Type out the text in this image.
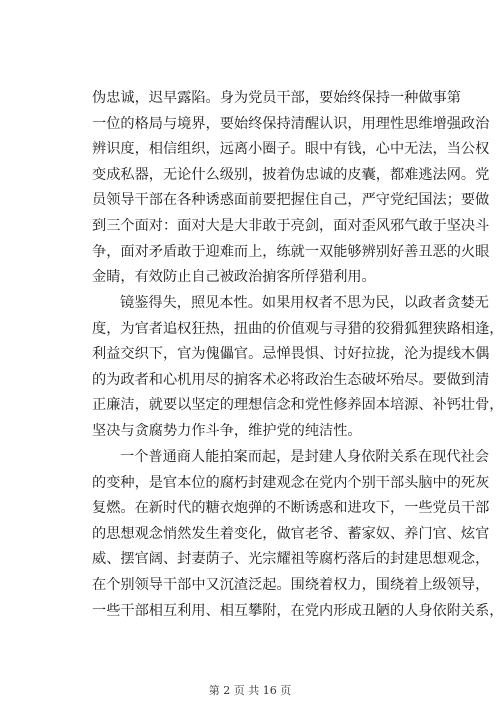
伪忠诚，迟早露陷。身为党员干部，要始终保持一种做事第
一位的格局与境界，要始终保持清醒认识，用理性思维增强政治
辨识度，相信组织，远离小圈子。眼中有钱，心中无法，当公权
变成私器，无论什么级别，披着伪忠诚的皮囊，都难逃法网。党
员领导干部在各种诱惑面前要把握住自己，严守党纪国法；要做
到三个面对：面对大是大非敢于亮剑，面对歪风邪气敢于坚决斗
争，面对矛盾敢于迎难而上，练就一双能够辨别好善丑恶的火眼
金睛，有效防止自己被政治掮客所俘猎利用。
镜鉴得失，照见本性。如果用权者不思为民，以政者贪婪无
度，为官者追权狂热，扭曲的价值观与寻猎的狡猾狐狸狭路相逢，
利益交织下，官为傀儡官。忌惮畏惧、讨好拉拢，沦为提线木偶
的为政者和心机用尽的掮客术必将政治生态破坏殆尽。要做到清
正廉洁，就要以坚定的理想信念和党性修养固本培源、补钙壮骨，
坚决与贪腐势力作斗争，维护党的纯洁性。
一个普通商人能拍案而起，是封建人身依附关系在现代社会
的变种，是官本位的腐朽封建观念在党内个别干部头脑中的死灰
复燃。在新时代的糖衣炮弹的不断诱惑和进攻下，一些党员干部
的思想观念悄然发生着变化，做官老爷、蓄家奴、养门官、炫官
威、摆官阔、封妻荫子、光宗耀祖等腐朽落后的封建思想观念，
在个别领导干部中又沉渣泛起。围绕着权力，围绕着上级领导，
一些干部相互利用、相互攀附，在党内形成丑陋的人身依附关系，
第 2 页 共 16 页
